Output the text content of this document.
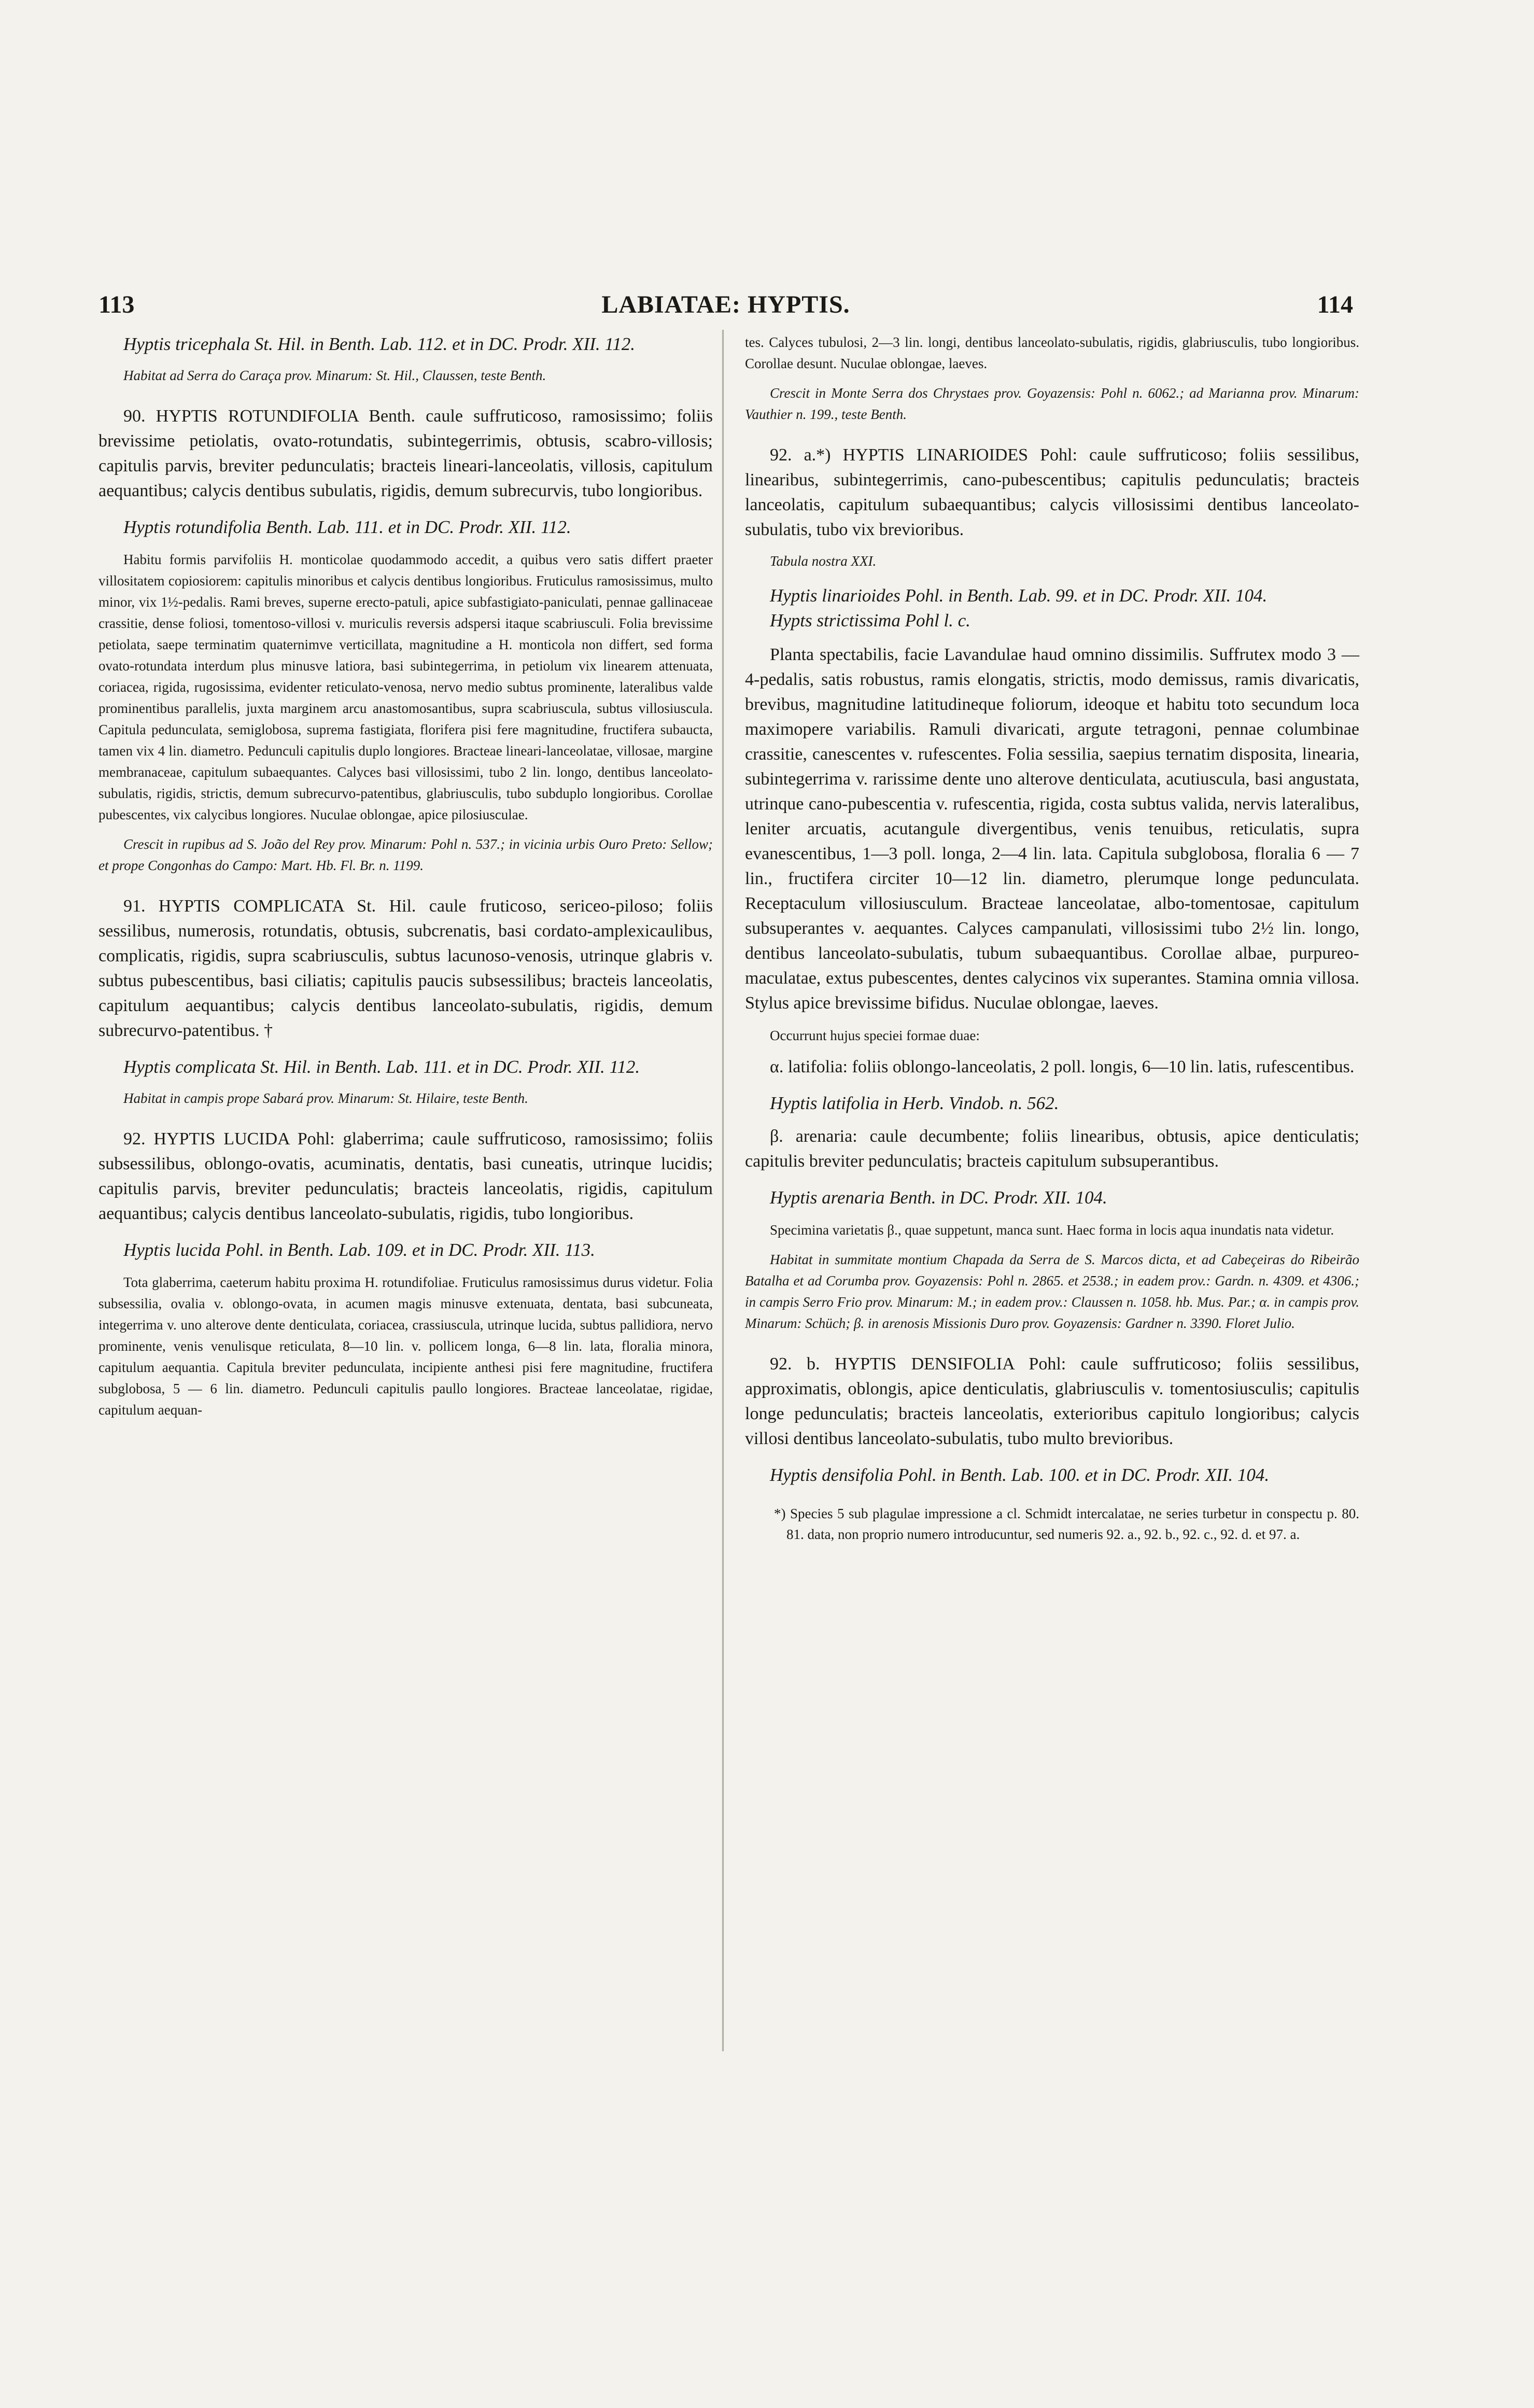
113	LABIATAE: HYPTIS.	114

Hyptis tricephala St. Hil. in Benth. Lab. 112. et in DC. Prodr. XII. 112.

Habitat ad Serra do Caraça prov. Minarum: St. Hil., Claussen, teste Benth.

90. HYPTIS ROTUNDIFOLIA Benth. caule suffruticoso, ramosissimo; foliis brevissime petiolatis, ovato-rotundatis, subintegerrimis, obtusis, scabro-villosis; capitulis parvis, breviter pedunculatis; bracteis lineari-lanceolatis, villosis, capitulum aequantibus; calycis dentibus subulatis, rigidis, demum subrecurvis, tubo longioribus.

Hyptis rotundifolia Benth. Lab. 111. et in DC. Prodr. XII. 112.

Habitu formis parvifoliis H. monticolae quodammodo accedit, a quibus vero satis differt praeter villositatem copiosiorem: capitulis minoribus et calycis dentibus longioribus. Fruticulus ramosissimus, multo minor, vix 1½-pedalis. Rami breves, superne erecto-patuli, apice subfastigiato-paniculati, pennae gallinaceae crassitie, dense foliosi, tomentoso-villosi v. muriculis reversis adspersi itaque scabriusculi. Folia brevissime petiolata, saepe terminatim quaternimve verticillata, magnitudine a H. monticola non differt, sed forma ovato-rotundata interdum plus minusve latiora, basi subintegerrima, in petiolum vix linearem attenuata, coriacea, rigida, rugosissima, evidenter reticulato-venosa, nervo medio subtus prominente, lateralibus valde prominentibus parallelis, juxta marginem arcu anastomosantibus, supra scabriuscula, subtus villosiuscula. Capitula pedunculata, semiglobosa, suprema fastigiata, florifera pisi fere magnitudine, fructifera subaucta, tamen vix 4 lin. diametro. Pedunculi capitulis duplo longiores. Bracteae lineari-lanceolatae, villosae, margine membranaceae, capitulum subaequantes. Calyces basi villosissimi, tubo 2 lin. longo, dentibus lanceolato-subulatis, rigidis, strictis, demum subrecurvo-patentibus, glabriusculis, tubo subduplo longioribus. Corollae pubescentes, vix calycibus longiores. Nuculae oblongae, apice pilosiusculae.

Crescit in rupibus ad S. João del Rey prov. Minarum: Pohl n. 537.; in vicinia urbis Ouro Preto: Sellow; et prope Congonhas do Campo: Mart. Hb. Fl. Br. n. 1199.

91. HYPTIS COMPLICATA St. Hil. caule fruticoso, sericeo-piloso; foliis sessilibus, numerosis, rotundatis, obtusis, subcrenatis, basi cordato-amplexicaulibus, complicatis, rigidis, supra scabriusculis, subtus lacunoso-venosis, utrinque glabris v. subtus pubescentibus, basi ciliatis; capitulis paucis subsessilibus; bracteis lanceolatis, capitulum aequantibus; calycis dentibus lanceolato-subulatis, rigidis, demum subrecurvo-patentibus. †

Hyptis complicata St. Hil. in Benth. Lab. 111. et in DC. Prodr. XII. 112.

Habitat in campis prope Sabará prov. Minarum: St. Hilaire, teste Benth.

92. HYPTIS LUCIDA Pohl: glaberrima; caule suffruticoso, ramosissimo; foliis subsessilibus, oblongo-ovatis, acuminatis, dentatis, basi cuneatis, utrinque lucidis; capitulis parvis, breviter pedunculatis; bracteis lanceolatis, rigidis, capitulum aequantibus; calycis dentibus lanceolato-subulatis, rigidis, tubo longioribus.

Hyptis lucida Pohl. in Benth. Lab. 109. et in DC. Prodr. XII. 113.

Tota glaberrima, caeterum habitu proxima H. rotundifoliae. Fruticulus ramosissimus durus videtur. Folia subsessilia, ovalia v. oblongo-ovata, in acumen magis minusve extenuata, dentata, basi subcuneata, integerrima v. uno alterove dente denticulata, coriacea, crassiuscula, utrinque lucida, subtus pallidiora, nervo prominente, venis venulisque reticulata, 8—10 lin. v. pollicem longa, 6—8 lin. lata, floralia minora, capitulum aequantia. Capitula breviter pedunculata, incipiente anthesi pisi fere magnitudine, fructifera subglobosa, 5 — 6 lin. diametro. Pedunculi capitulis paullo longiores. Bracteae lanceolatae, rigidae, capitulum aequan-

tes. Calyces tubulosi, 2—3 lin. longi, dentibus lanceolato-subulatis, rigidis, glabriusculis, tubo longioribus. Corollae desunt. Nuculae oblongae, laeves.

Crescit in Monte Serra dos Chrystaes prov. Goyazensis: Pohl n. 6062.; ad Marianna prov. Minarum: Vauthier n. 199., teste Benth.

92. a.*) HYPTIS LINARIOIDES Pohl: caule suffruticoso; foliis sessilibus, linearibus, subintegerrimis, cano-pubescentibus; capitulis pedunculatis; bracteis lanceolatis, capitulum subaequantibus; calycis villosissimi dentibus lanceolato-subulatis, tubo vix brevioribus.

Tabula nostra XXI.

Hyptis linarioides Pohl. in Benth. Lab. 99. et in DC. Prodr. XII. 104.

Hypts strictissima Pohl l. c.

Planta spectabilis, facie Lavandulae haud omnino dissimilis. Suffrutex modo 3 — 4-pedalis, satis robustus, ramis elongatis, strictis, modo demissus, ramis divaricatis, brevibus, magnitudine latitudineque foliorum, ideoque et habitu toto secundum loca maximopere variabilis. Ramuli divaricati, argute tetragoni, pennae columbinae crassitie, canescentes v. rufescentes. Folia sessilia, saepius ternatim disposita, linearia, subintegerrima v. rarissime dente uno alterove denticulata, acutiuscula, basi angustata, utrinque cano-pubescentia v. rufescentia, rigida, costa subtus valida, nervis lateralibus, leniter arcuatis, acutangule divergentibus, venis tenuibus, reticulatis, supra evanescentibus, 1—3 poll. longa, 2—4 lin. lata. Capitula subglobosa, floralia 6 — 7 lin., fructifera circiter 10—12 lin. diametro, plerumque longe pedunculata. Receptaculum villosiusculum. Bracteae lanceolatae, albo-tomentosae, capitulum subsuperantes v. aequantes. Calyces campanulati, villosissimi tubo 2½ lin. longo, dentibus lanceolato-subulatis, tubum subaequantibus. Corollae albae, purpureo-maculatae, extus pubescentes, dentes calycinos vix superantes. Stamina omnia villosa. Stylus apice brevissime bifidus. Nuculae oblongae, laeves.

Occurrunt hujus speciei formae duae:

α. latifolia: foliis oblongo-lanceolatis, 2 poll. longis, 6—10 lin. latis, rufescentibus.

Hyptis latifolia in Herb. Vindob. n. 562.

β. arenaria: caule decumbente; foliis linearibus, obtusis, apice denticulatis; capitulis breviter pedunculatis; bracteis capitulum subsuperantibus.

Hyptis arenaria Benth. in DC. Prodr. XII. 104.

Specimina varietatis β., quae suppetunt, manca sunt. Haec forma in locis aqua inundatis nata videtur.

Habitat in summitate montium Chapada da Serra de S. Marcos dicta, et ad Cabeçeiras do Ribeirão Batalha et ad Corumba prov. Goyazensis: Pohl n. 2865. et 2538.; in eadem prov.: Gardn. n. 4309. et 4306.; in campis Serro Frio prov. Minarum: M.; in eadem prov.: Claussen n. 1058. hb. Mus. Par.; α. in campis prov. Minarum: Schüch; β. in arenosis Missionis Duro prov. Goyazensis: Gardner n. 3390. Floret Julio.

92. b. HYPTIS DENSIFOLIA Pohl: caule suffruticoso; foliis sessilibus, approximatis, oblongis, apice denticulatis, glabriusculis v. tomentosiusculis; capitulis longe pedunculatis; bracteis lanceolatis, exterioribus capitulo longioribus; calycis villosi dentibus lanceolato-subulatis, tubo multo brevioribus.

Hyptis densifolia Pohl. in Benth. Lab. 100. et in DC. Prodr. XII. 104.

*) Species 5 sub plagulae impressione a cl. Schmidt intercalatae, ne series turbetur in conspectu p. 80. 81. data, non proprio numero introducuntur, sed numeris 92. a., 92. b., 92. c., 92. d. et 97. a.
